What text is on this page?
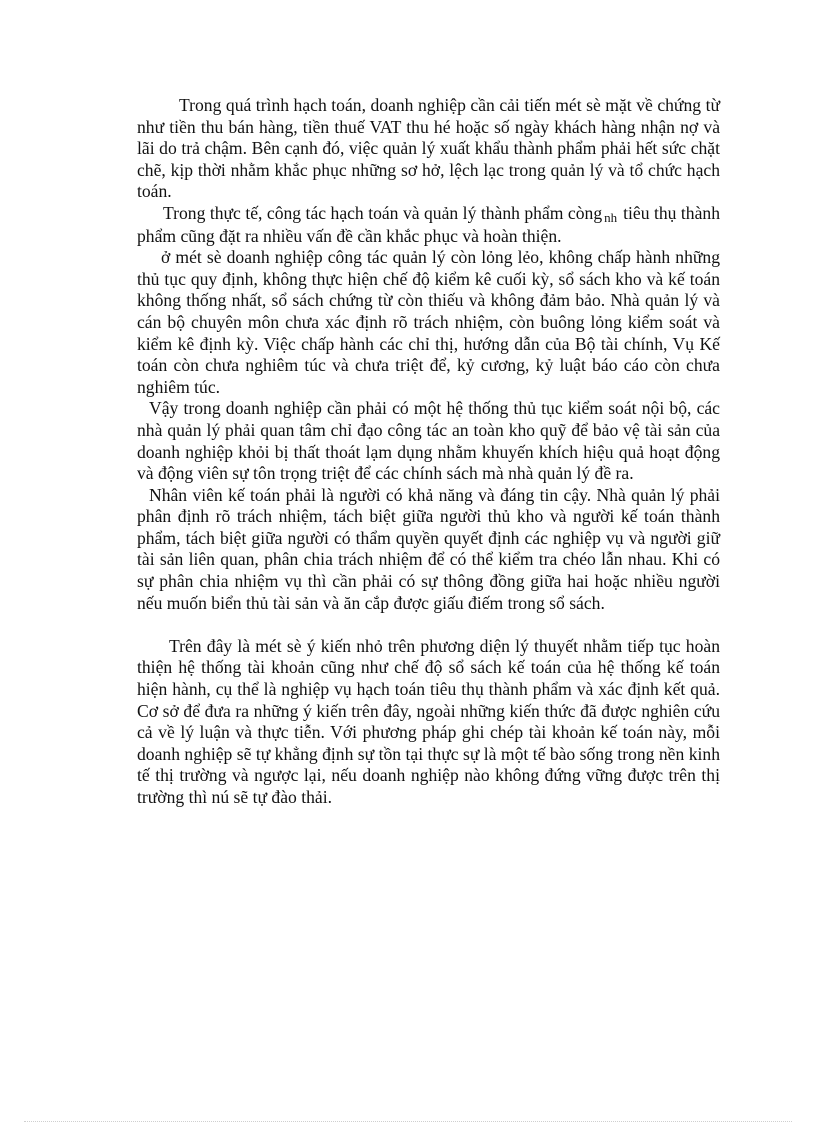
Trong quá trình hạch toán, doanh nghiệp cần cải tiến mét sè mặt về chứng từ như tiền thu bán hàng, tiền thuế VAT thu hé hoặc số ngày khách hàng nhận nợ và lãi do trả chậm. Bên cạnh đó, việc quản lý xuất khẩu thành phẩm phải hết sức chặt chẽ, kịp thời nhằm khắc phục những sơ hở, lệch lạc trong quản lý và tổ chức hạch toán.

Trong thực tế, công tác hạch toán và quản lý thành phẩm còng nh tiêu thụ thành phẩm cũng đặt ra nhiều vấn đề cần khắc phục và hoàn thiện.

ở mét sè doanh nghiệp công tác quản lý còn lỏng lẻo, không chấp hành những thủ tục quy định, không thực hiện chế độ kiểm kê cuối kỳ, sổ sách kho và kế toán không thống nhất, sổ sách chứng từ còn thiếu và không đảm bảo. Nhà quản lý và cán bộ chuyên môn chưa xác định rõ trách nhiệm, còn buông lỏng kiểm soát và kiểm kê định kỳ. Việc chấp hành các chỉ thị, hướng dẫn của Bộ tài chính, Vụ Kế toán còn chưa nghiêm túc và chưa triệt để, kỷ cương, kỷ luật báo cáo còn chưa nghiêm túc.

Vậy trong doanh nghiệp cần phải có một hệ thống thủ tục kiểm soát nội bộ, các nhà quản lý phải quan tâm chỉ đạo công tác an toàn kho quỹ để bảo vệ tài sản của doanh nghiệp khỏi bị thất thoát lạm dụng nhằm khuyến khích hiệu quả hoạt động và động viên sự tôn trọng triệt để các chính sách mà nhà quản lý đề ra.

Nhân viên kế toán phải là người có khả năng và đáng tin cậy. Nhà quản lý phải phân định rõ trách nhiệm, tách biệt giữa người thủ kho và người kế toán thành phẩm, tách biệt giữa người có thẩm quyền quyết định các nghiệp vụ và người giữ tài sản liên quan, phân chia trách nhiệm để có thể kiểm tra chéo lẫn nhau. Khi có sự phân chia nhiệm vụ thì cần phải có sự thông đồng giữa hai hoặc nhiều người nếu muốn biển thủ tài sản và ăn cắp được giấu điếm trong sổ sách.

Trên đây là mét sè ý kiến nhỏ trên phương diện lý thuyết nhằm tiếp tục hoàn thiện hệ thống tài khoản cũng như chế độ sổ sách kế toán của hệ thống kế toán hiện hành, cụ thể là nghiệp vụ hạch toán tiêu thụ thành phẩm và xác định kết quả. Cơ sở để đưa ra những ý kiến trên đây, ngoài những kiến thức đã được nghiên cứu cả về lý luận và thực tiễn. Với phương pháp ghi chép tài khoản kế toán này, mỗi doanh nghiệp sẽ tự khẳng định sự tồn tại thực sự là một tế bào sống trong nền kinh tế thị trường và ngược lại, nếu doanh nghiệp nào không đứng vững được trên thị trường thì nú sẽ tự đào thải.
